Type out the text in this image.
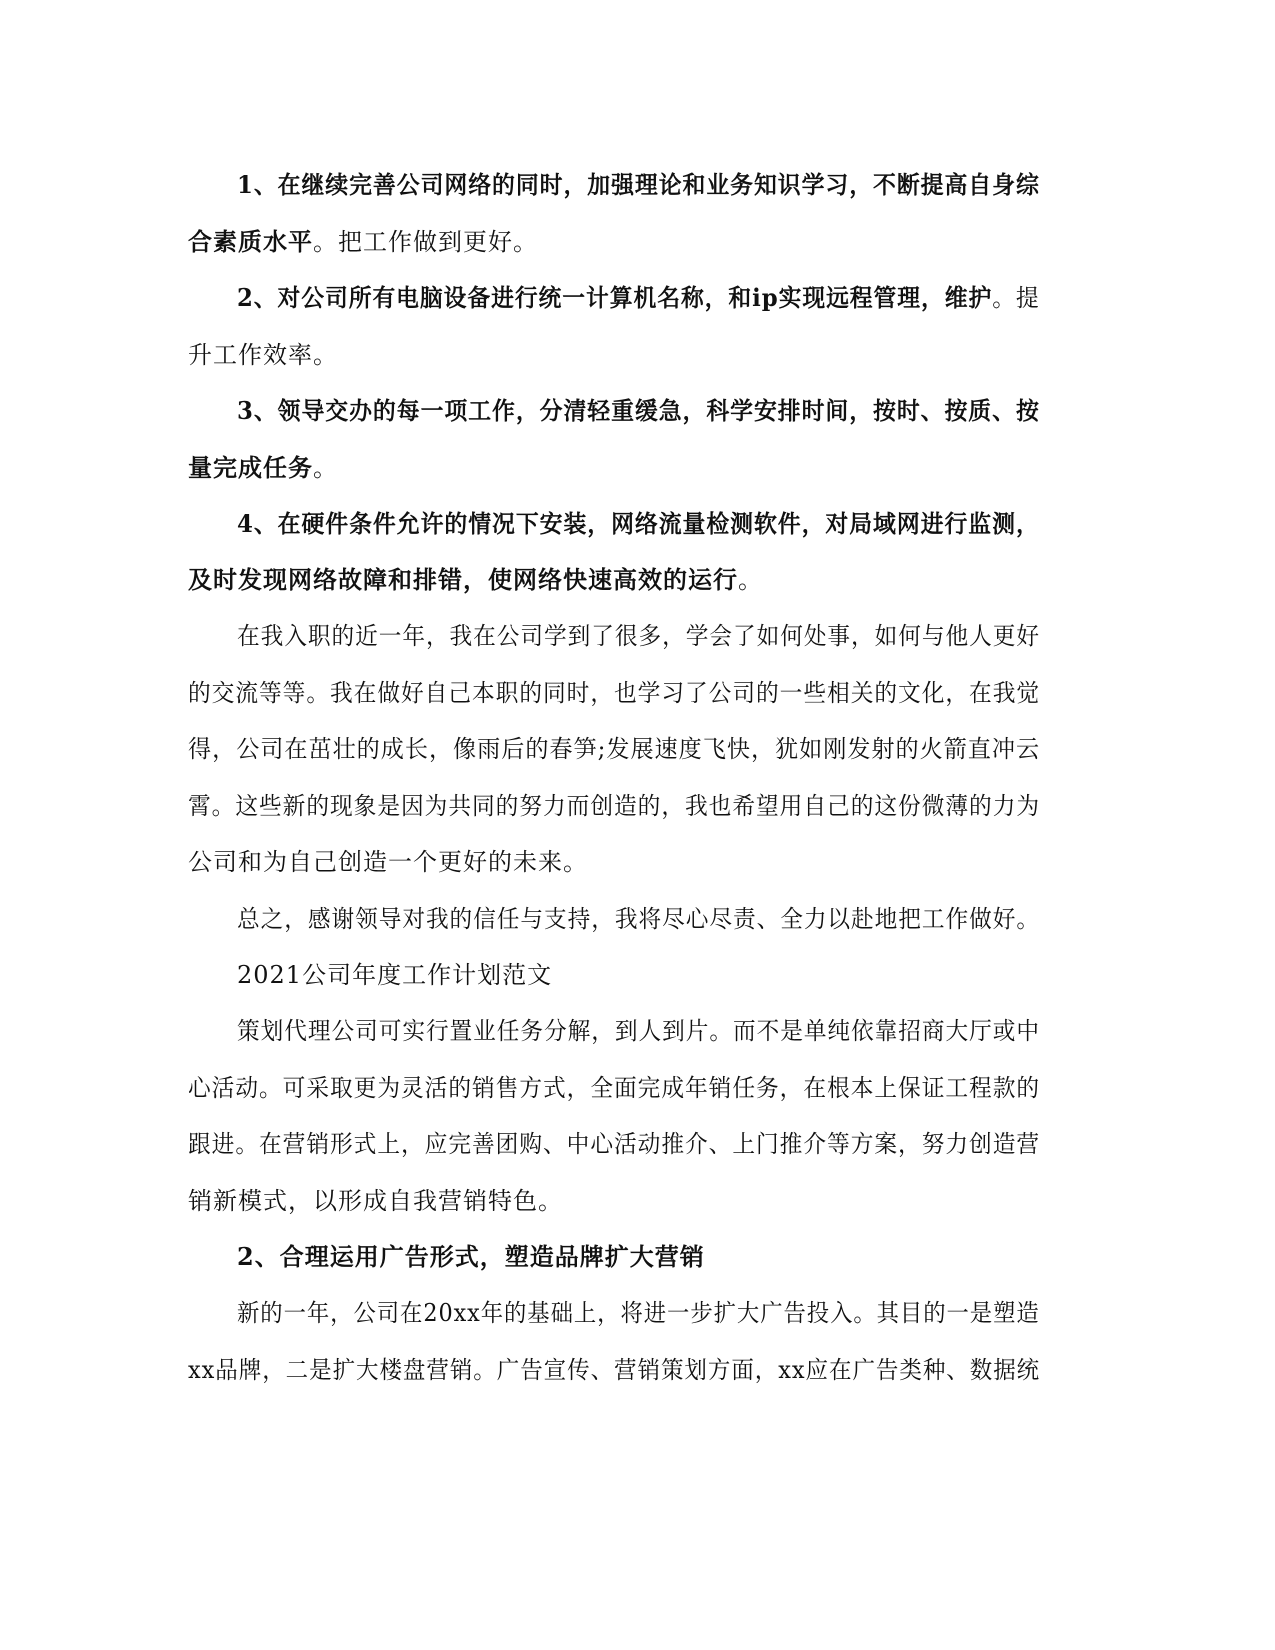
1、在继续完善公司网络的同时，加强理论和业务知识学习，不断提高自身综
合素质水平。把工作做到更好。
2、对公司所有电脑设备进行统一计算机名称，和ip实现远程管理，维护。提
升工作效率。
3、领导交办的每一项工作，分清轻重缓急，科学安排时间，按时、按质、按
量完成任务。
4、在硬件条件允许的情况下安装，网络流量检测软件，对局域网进行监测，
及时发现网络故障和排错，使网络快速高效的运行。
在我入职的近一年，我在公司学到了很多，学会了如何处事，如何与他人更好
的交流等等。我在做好自己本职的同时，也学习了公司的一些相关的文化，在我觉
得，公司在茁壮的成长，像雨后的春笋;发展速度飞快，犹如刚发射的火箭直冲云
霄。这些新的现象是因为共同的努力而创造的，我也希望用自己的这份微薄的力为
公司和为自己创造一个更好的未来。
总之，感谢领导对我的信任与支持，我将尽心尽责、全力以赴地把工作做好。
2021公司年度工作计划范文
策划代理公司可实行置业任务分解，到人到片。而不是单纯依靠招商大厅或中
心活动。可采取更为灵活的销售方式，全面完成年销任务，在根本上保证工程款的
跟进。在营销形式上，应完善团购、中心活动推介、上门推介等方案，努力创造营
销新模式，以形成自我营销特色。
2、合理运用广告形式，塑造品牌扩大营销
新的一年，公司在20xx年的基础上，将进一步扩大广告投入。其目的一是塑造
xx品牌，二是扩大楼盘营销。广告宣传、营销策划方面，xx应在广告类种、数据统
